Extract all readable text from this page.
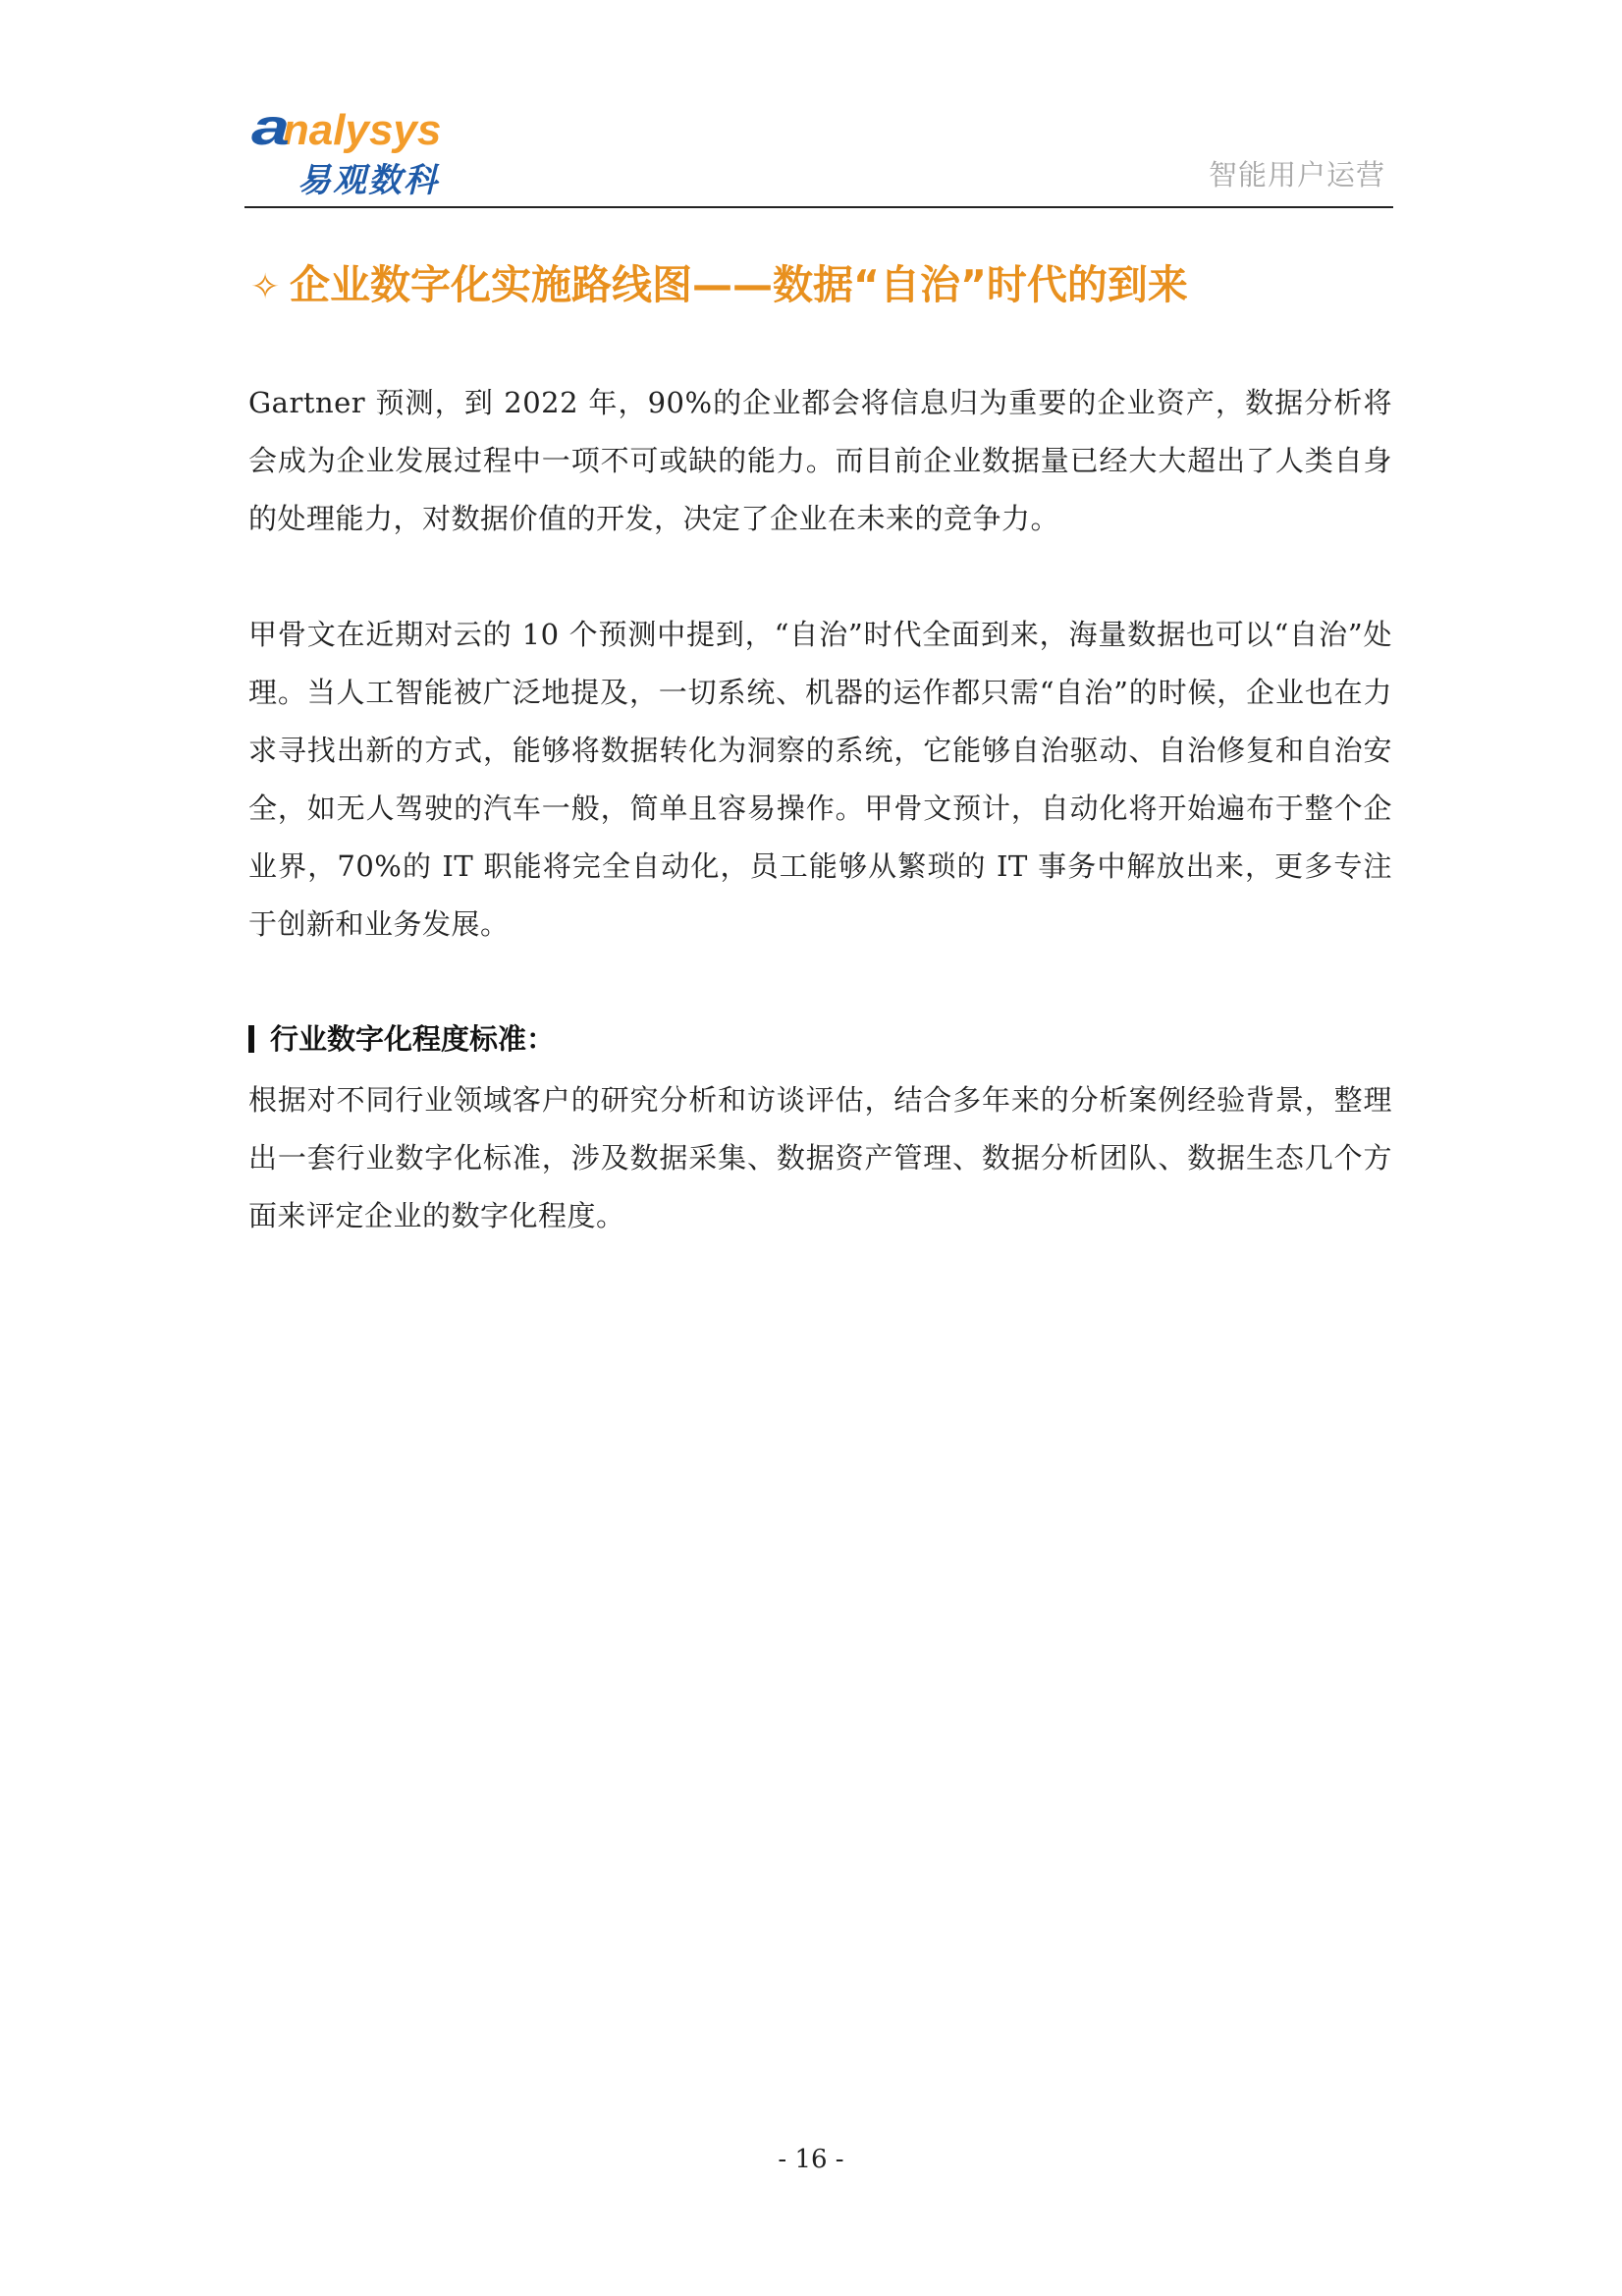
analysys
易观数科	智能用户运营
✧ 企业数字化实施路线图——数据“自治”时代的到来

Gartner 预测，到 2022 年，90%的企业都会将信息归为重要的企业资产，数据分析将会成为企业发展过程中一项不可或缺的能力。而目前企业数据量已经大大超出了人类自身的处理能力，对数据价值的开发，决定了企业在未来的竞争力。

甲骨文在近期对云的 10 个预测中提到，“自治”时代全面到来，海量数据也可以“自治”处理。当人工智能被广泛地提及，一切系统、机器的运作都只需“自治”的时候，企业也在力求寻找出新的方式，能够将数据转化为洞察的系统，它能够自治驱动、自治修复和自治安全，如无人驾驶的汽车一般，简单且容易操作。甲骨文预计，自动化将开始遍布于整个企业界，70%的 IT 职能将完全自动化，员工能够从繁琐的 IT 事务中解放出来，更多专注于创新和业务发展。

行业数字化程度标准：

根据对不同行业领域客户的研究分析和访谈评估，结合多年来的分析案例经验背景，整理出一套行业数字化标准，涉及数据采集、数据资产管理、数据分析团队、数据生态几个方面来评定企业的数字化程度。

- 16 -
